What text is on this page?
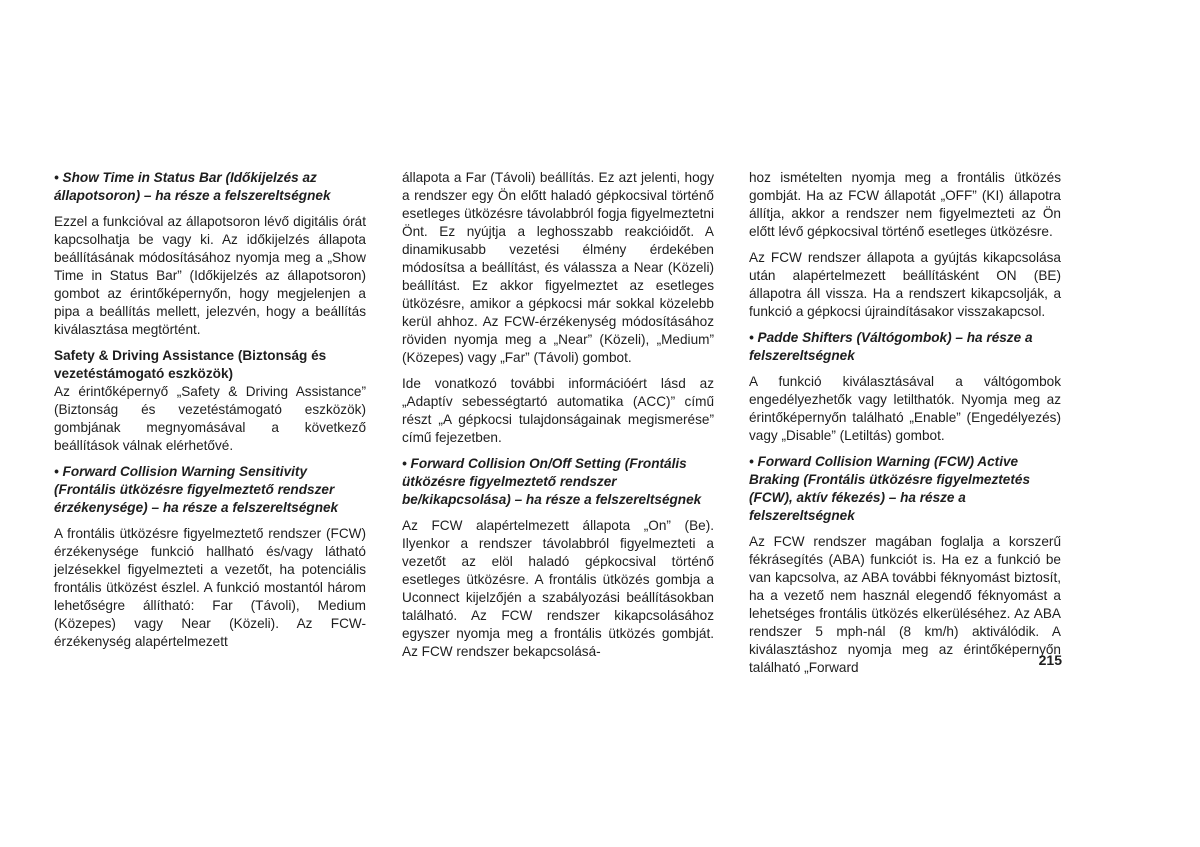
• Show Time in Status Bar (Időkijelzés az állapotsoron) – ha része a felszereltségnek

Ezzel a funkcióval az állapotsoron lévő digitális órát kapcsolhatja be vagy ki. Az időkijelzés állapota beállításának módosításához nyomja meg a „Show Time in Status Bar” (Időkijelzés az állapotsoron) gombot az érintőképernyőn, hogy megjelenjen a pipa a beállítás mellett, jelezvén, hogy a beállítás kiválasztása megtörtént.

Safety & Driving Assistance (Biztonság és vezetéstámogató eszközök)

Az érintőképernyő „Safety & Driving Assistance” (Biztonság és vezetéstámogató eszközök) gombjának megnyomásával a következő beállítások válnak elérhetővé.

• Forward Collision Warning Sensitivity (Frontális ütközésre figyelmeztető rendszer érzékenysége) – ha része a felszereltségnek

A frontális ütközésre figyelmeztető rendszer (FCW) érzékenysége funkció hallható és/vagy látható jelzésekkel figyelmezteti a vezetőt, ha potenciális frontális ütközést észlel. A funkció mostantól három lehetőségre állítható: Far (Távoli), Medium (Közepes) vagy Near (Közeli). Az FCW-érzékenység alapértelmezett

állapota a Far (Távoli) beállítás. Ez azt jelenti, hogy a rendszer egy Ön előtt haladó gépkocsival történő esetleges ütközésre távolabbról fogja figyelmeztetni Önt. Ez nyújtja a leghosszabb reakcióidőt. A dinamikusabb vezetési élmény érdekében módosítsa a beállítást, és válassza a Near (Közeli) beállítást. Ez akkor figyelmeztet az esetleges ütközésre, amikor a gépkocsi már sokkal közelebb kerül ahhoz. Az FCW-érzékenység módosításához röviden nyomja meg a „Near” (Közeli), „Medium” (Közepes) vagy „Far” (Távoli) gombot.

Ide vonatkozó további információért lásd az „Adaptív sebességtartó automatika (ACC)” című részt „A gépkocsi tulajdonságainak megismerése” című fejezetben.

• Forward Collision On/Off Setting (Frontális ütközésre figyelmeztető rendszer be/kikapcsolása) – ha része a felszereltségnek

Az FCW alapértelmezett állapota „On” (Be). Ilyenkor a rendszer távolabbról figyelmezteti a vezetőt az elöl haladó gépkocsival történő esetleges ütközésre. A frontális ütközés gombja a Uconnect kijelzőjén a szabályozási beállításokban található. Az FCW rendszer kikapcsolásához egyszer nyomja meg a frontális ütközés gombját. Az FCW rendszer bekapcsolásá-

hoz ismételten nyomja meg a frontális ütközés gombját. Ha az FCW állapotát „OFF” (KI) állapotra állítja, akkor a rendszer nem figyelmezteti az Ön előtt lévő gépkocsival történő esetleges ütközésre.

Az FCW rendszer állapota a gyújtás kikapcsolása után alapértelmezett beállításként ON (BE) állapotra áll vissza. Ha a rendszert kikapcsolják, a funkció a gépkocsi újraindításakor visszakapcsol.

• Padde Shifters (Váltógombok) – ha része a felszereltségnek

A funkció kiválasztásával a váltógombok engedélyezhetők vagy letilthatók. Nyomja meg az érintőképernyőn található „Enable” (Engedélyezés) vagy „Disable” (Letiltás) gombot.

• Forward Collision Warning (FCW) Active Braking (Frontális ütközésre figyelmeztetés (FCW), aktív fékezés) – ha része a felszereltségnek

Az FCW rendszer magában foglalja a korszerű fékrásegítés (ABA) funkciót is. Ha ez a funkció be van kapcsolva, az ABA további féknyomást biztosít, ha a vezető nem használ elegendő féknyomást a lehetséges frontális ütközés elkerüléséhez. Az ABA rendszer 5 mph-nál (8 km/h) aktiválódik. A kiválasztáshoz nyomja meg az érintőképernyőn található „Forward	215
